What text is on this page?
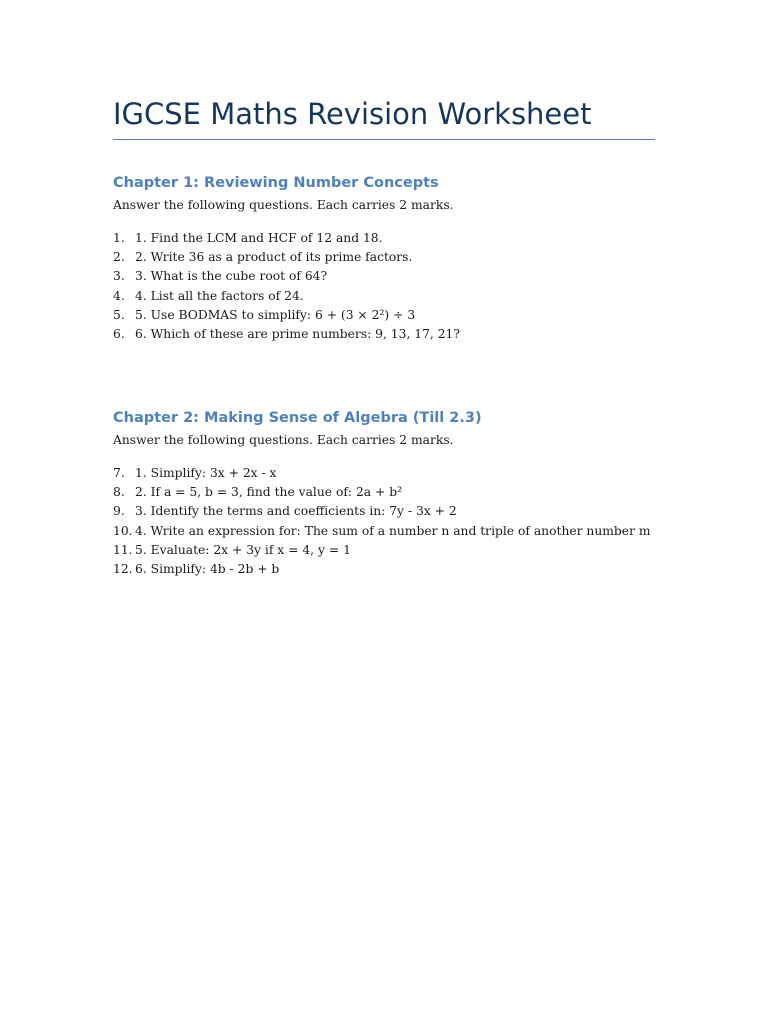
IGCSE Maths Revision Worksheet
Chapter 1: Reviewing Number Concepts

Answer the following questions. Each carries 2 marks.

1. 1. Find the LCM and HCF of 12 and 18.
2. 2. Write 36 as a product of its prime factors.
3. 3. What is the cube root of 64?
4. 4. List all the factors of 24.
5. 5. Use BODMAS to simplify: 6 + (3 × 2²) ÷ 3
6. 6. Which of these are prime numbers: 9, 13, 17, 21?
Chapter 2: Making Sense of Algebra (Till 2.3)

Answer the following questions. Each carries 2 marks.

7. 1. Simplify: 3x + 2x - x
8. 2. If a = 5, b = 3, find the value of: 2a + b²
9. 3. Identify the terms and coefficients in: 7y - 3x + 2
10. 4. Write an expression for: The sum of a number n and triple of another number m
11. 5. Evaluate: 2x + 3y if x = 4, y = 1
12. 6. Simplify: 4b - 2b + b
